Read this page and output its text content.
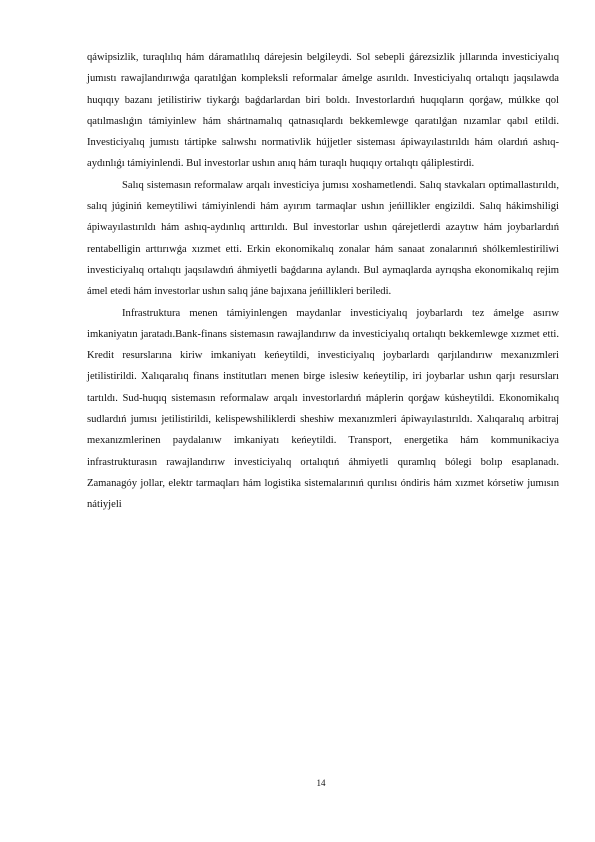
qáwipsizlik, turaqlılıq hám dáramatlılıq dárejesin belgileydi. Sol sebepli ǵárezsizlik jıllarında investiciyalıq jumıstı rawajlandırıwǵa qaratılǵan kompleksli reformalar ámelge asırıldı. Investiciyalıq ortalıqtı jaqsılawda huqıqıy bazanı jetilistiriw tiykarǵı baǵdarlardan biri boldı. Investorlardıń huqıqların qorǵaw, múlkke qol qatılmaslıǵın támiyinlew hám shártnamalıq qatnasıqlardı bekkemlewge qaratılǵan nızamlar qabıl etildi. Investiciyalıq jumıstı tártipke salıwshı normativlik hújjetler sisteması ápiwayılastırıldı hám olardıń ashıq-aydınlıǵı támiyinlendi. Bul investorlar ushın anıq hám turaqlı huqıqıy ortalıqtı qáliplestirdi.

Salıq sistemasın reformalaw arqalı investiciya jumısı xoshametlendi. Salıq stavkaları optimallastırıldı, salıq júginiń kemeytiliwi támiyinlendi hám ayırım tarmaqlar ushın jeńillikler engizildi. Salıq hákimshiligi ápiwayılastırıldı hám ashıq-aydınlıq arttırıldı. Bul investorlar ushın qárejetlerdi azaytıw hám joybarlardıń rentabelligin arttırıwǵa xızmet etti. Erkin ekonomikalıq zonalar hám sanaat zonalarınıń shólkemlestiriliwi investiciyalıq ortalıqtı jaqsılawdıń áhmiyetli baǵdarına aylandı. Bul aymaqlarda ayrıqsha ekonomikalıq rejim ámel etedi hám investorlar ushın salıq jáne bajıxana jeńillikleri beriledi.

Infrastruktura menen támiyinlengen maydanlar investiciyalıq joybarlardı tez ámelge asırıw imkaniyatın jaratadı.Bank-finans sistemasın rawajlandırıw da investiciyalıq ortalıqtı bekkemlewge xızmet etti. Kredit resurslarına kiriw imkaniyatı keńeytildi, investiciyalıq joybarlardı qarjılandırıw mexanızmleri jetilistirildi. Xalıqaralıq finans institutları menen birge islesiw keńeytilip, iri joybarlar ushın qarjı resursları tartıldı. Sud-huqıq sistemasın reformalaw arqalı investorlardıń máplerin qorǵaw kúsheytildi. Ekonomikalıq sudlardıń jumısı jetilistirildi, kelispewshiliklerdi sheshiw mexanızmleri ápiwayılastırıldı. Xalıqaralıq arbitraj mexanızmlerinen paydalanıw imkaniyatı keńeytildi. Transport, energetika hám kommunikaciya infrastrukturasın rawajlandırıw investiciyalıq ortalıqtıń áhmiyetli quramlıq bólegi bolıp esaplanadı. Zamanagóy jollar, elektr tarmaqları hám logistika sistemalarınıń qurılısı óndiris hám xızmet kórsetiw jumısın nátiyjeli

14
